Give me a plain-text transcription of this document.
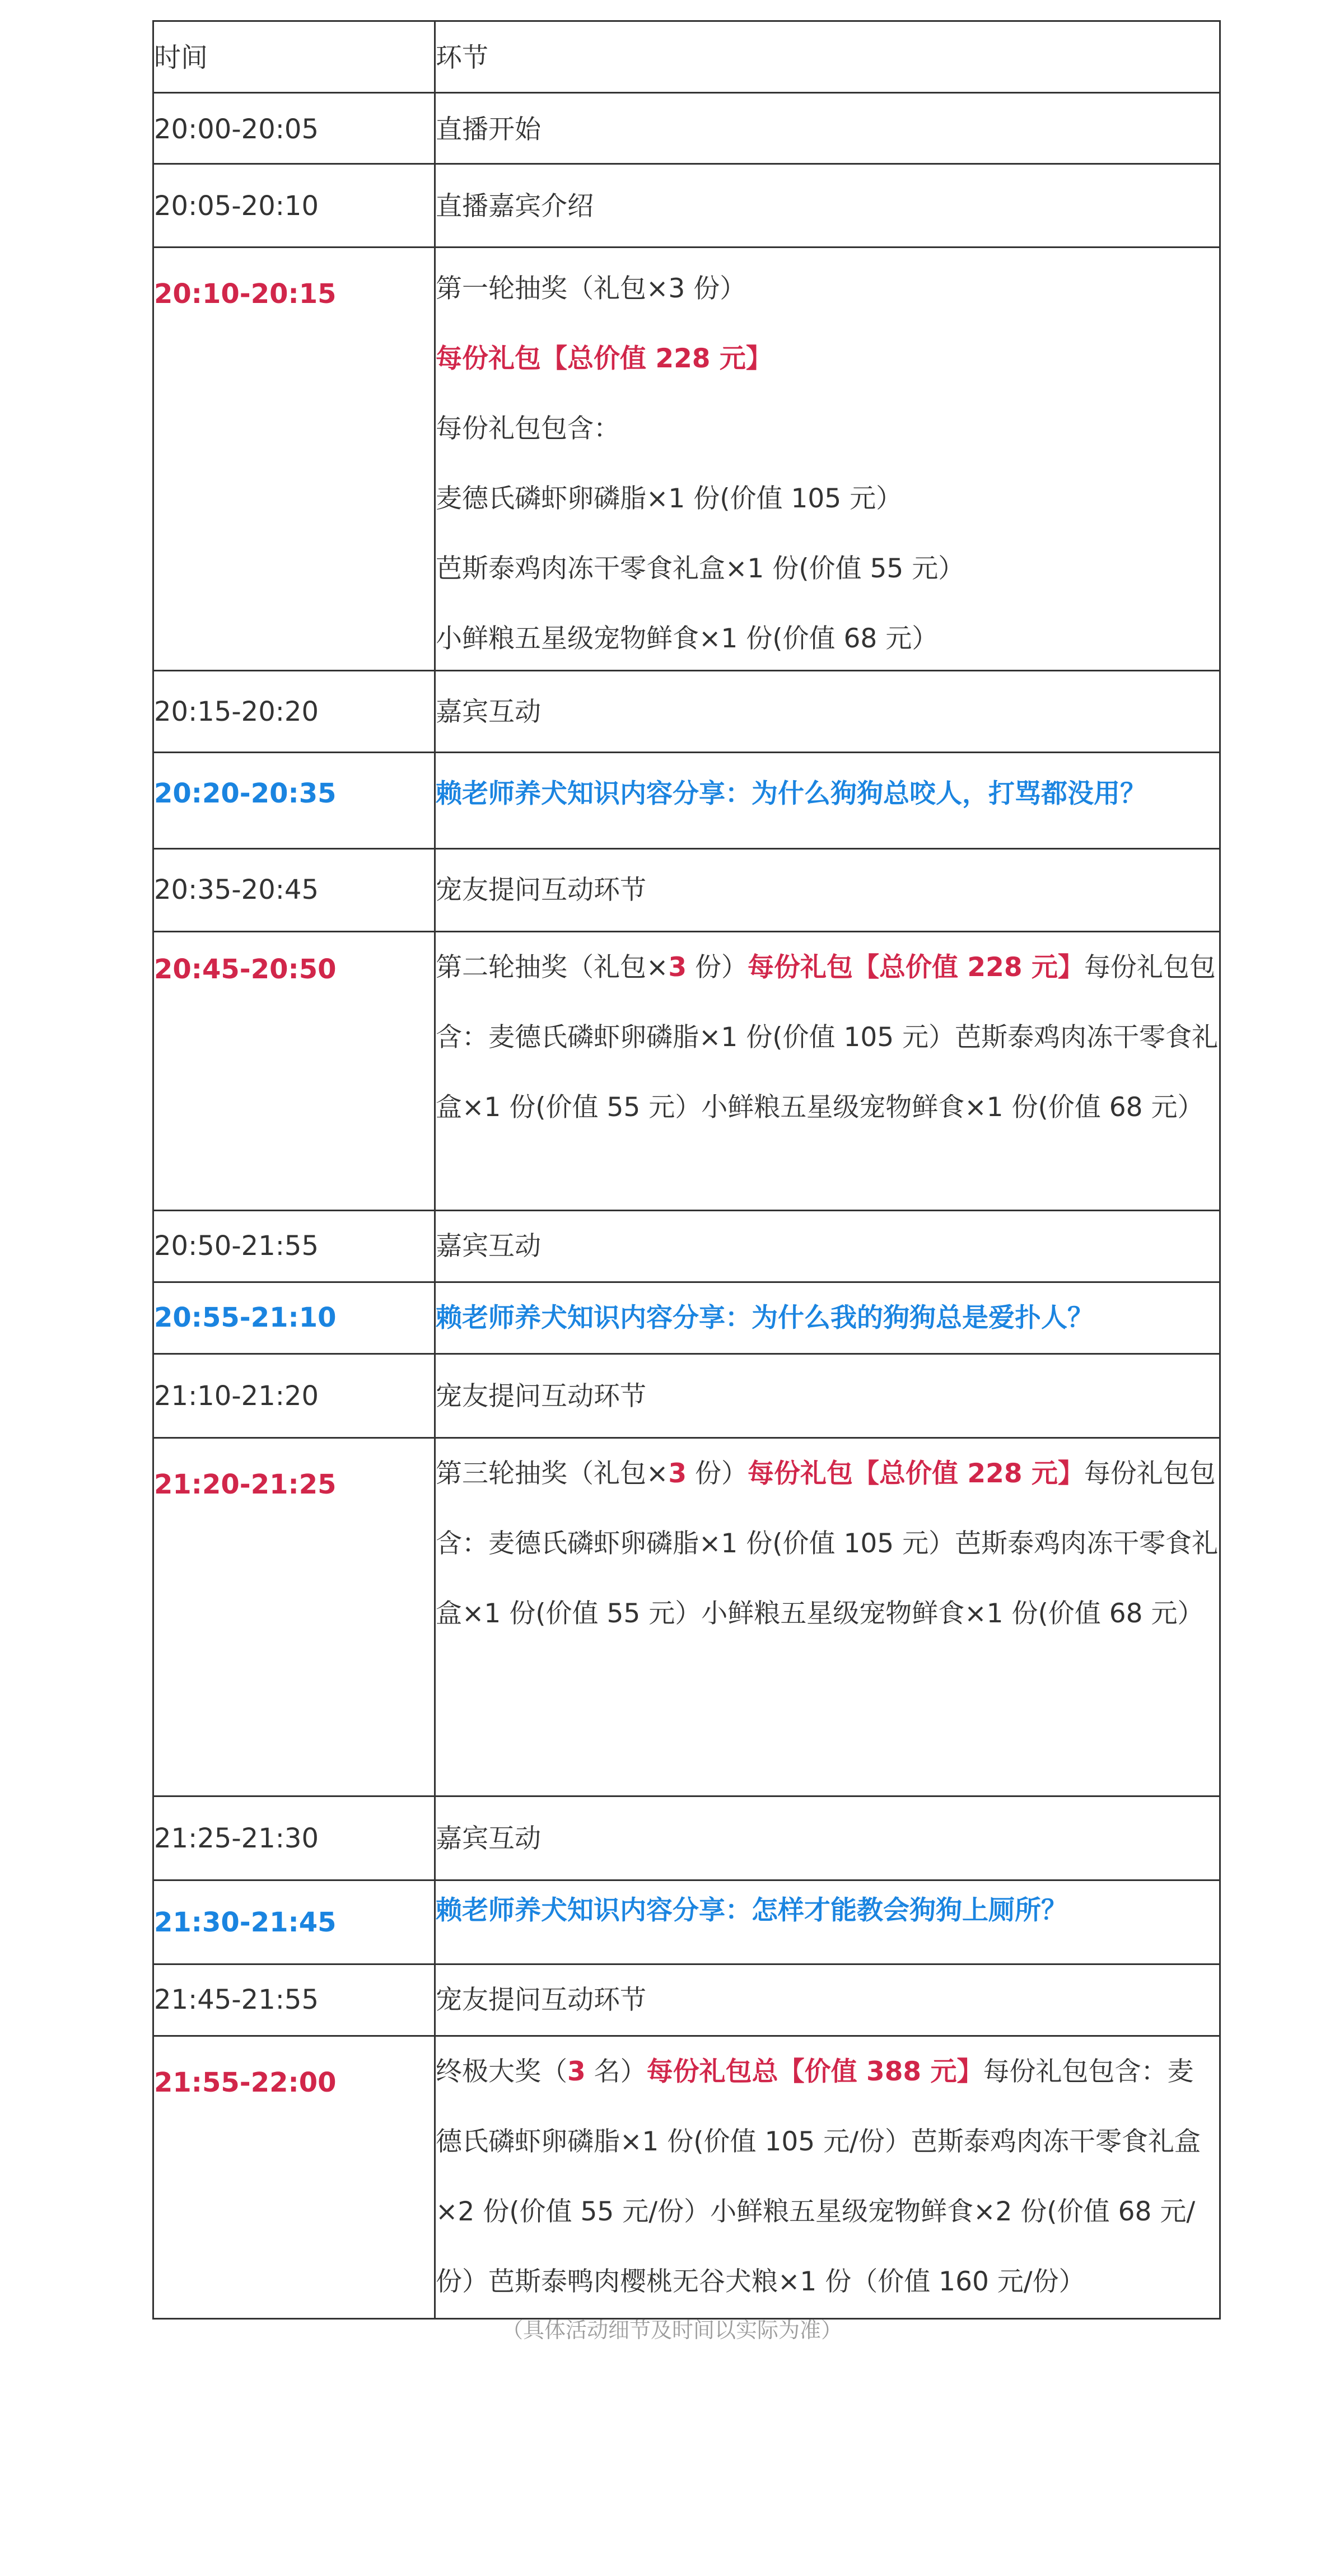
时间	环节
20:00-20:05	直播开始
20:05-20:10	直播嘉宾介绍
20:10-20:15	第一轮抽奖（礼包×3 份）
每份礼包【总价值 228 元】
每份礼包包含：
麦德氏磷虾卵磷脂×1 份(价值 105 元）
芭斯泰鸡肉冻干零食礼盒×1 份(价值 55 元）
小鲜粮五星级宠物鲜食×1 份(价值 68 元）
20:15-20:20	嘉宾互动
20:20-20:35	赖老师养犬知识内容分享：为什么狗狗总咬人，打骂都没用？
20:35-20:45	宠友提问互动环节
20:45-20:50	第二轮抽奖（礼包×3 份）每份礼包【总价值 228 元】每份礼包包含：麦德氏磷虾卵磷脂×1 份(价值 105 元）芭斯泰鸡肉冻干零食礼盒×1 份(价值 55 元）小鲜粮五星级宠物鲜食×1 份(价值 68 元）
20:50-21:55	嘉宾互动
20:55-21:10	赖老师养犬知识内容分享：为什么我的狗狗总是爱扑人？
21:10-21:20	宠友提问互动环节
21:20-21:25	第三轮抽奖（礼包×3 份）每份礼包【总价值 228 元】每份礼包包含：麦德氏磷虾卵磷脂×1 份(价值 105 元）芭斯泰鸡肉冻干零食礼盒×1 份(价值 55 元）小鲜粮五星级宠物鲜食×1 份(价值 68 元）
21:25-21:30	嘉宾互动
21:30-21:45	赖老师养犬知识内容分享：怎样才能教会狗狗上厕所？
21:45-21:55	宠友提问互动环节
21:55-22:00	终极大奖（3 名）每份礼包总【价值 388 元】每份礼包包含：麦德氏磷虾卵磷脂×1 份(价值 105 元/份）芭斯泰鸡肉冻干零食礼盒×2 份(价值 55 元/份）小鲜粮五星级宠物鲜食×2 份(价值 68 元/份）芭斯泰鸭肉樱桃无谷犬粮×1 份（价值 160 元/份）
（具体活动细节及时间以实际为准）
